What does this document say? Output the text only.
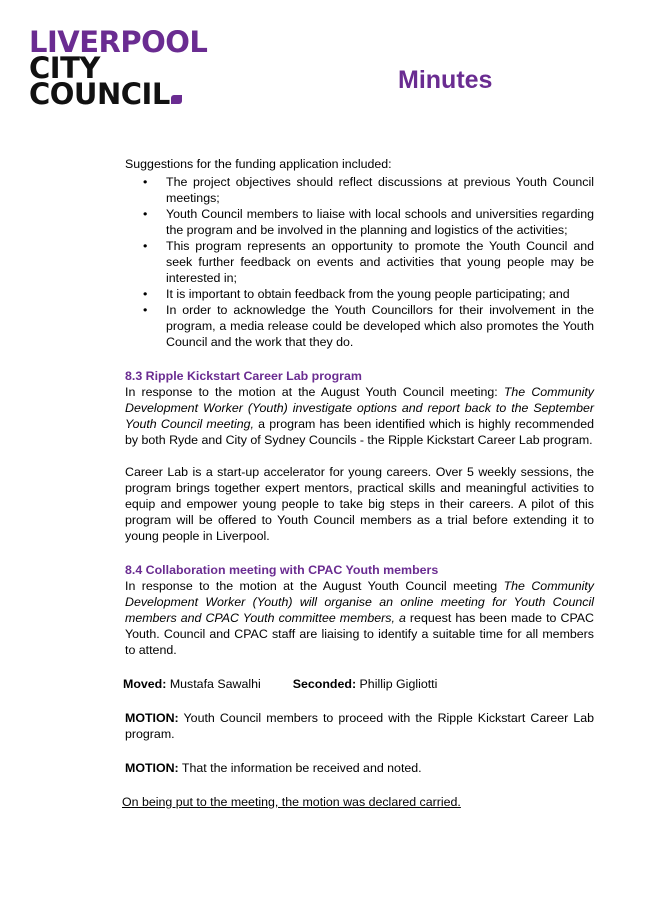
LIVERPOOL
CITY
COUNCIL	Minutes

Suggestions for the funding application included:

• The project objectives should reflect discussions at previous Youth Council meetings;
• Youth Council members to liaise with local schools and universities regarding the program and be involved in the planning and logistics of the activities;
• This program represents an opportunity to promote the Youth Council and seek further feedback on events and activities that young people may be interested in;
• It is important to obtain feedback from the young people participating; and
• In order to acknowledge the Youth Councillors for their involvement in the program, a media release could be developed which also promotes the Youth Council and the work that they do.
8.3 Ripple Kickstart Career Lab program

In response to the motion at the August Youth Council meeting: The Community Development Worker (Youth) investigate options and report back to the September Youth Council meeting, a program has been identified which is highly recommended by both Ryde and City of Sydney Councils - the Ripple Kickstart Career Lab program.

Career Lab is a start-up accelerator for young careers. Over 5 weekly sessions, the program brings together expert mentors, practical skills and meaningful activities to equip and empower young people to take big steps in their careers. A pilot of this program will be offered to Youth Council members as a trial before extending it to young people in Liverpool.

8.4 Collaboration meeting with CPAC Youth members

In response to the motion at the August Youth Council meeting The Community Development Worker (Youth) will organise an online meeting for Youth Council members and CPAC Youth committee members, a request has been made to CPAC Youth. Council and CPAC staff are liaising to identify a suitable time for all members to attend.

Moved: Mustafa Sawalhi	Seconded: Phillip Gigliotti

MOTION: Youth Council members to proceed with the Ripple Kickstart Career Lab program.

MOTION: That the information be received and noted.

On being put to the meeting, the motion was declared carried.
